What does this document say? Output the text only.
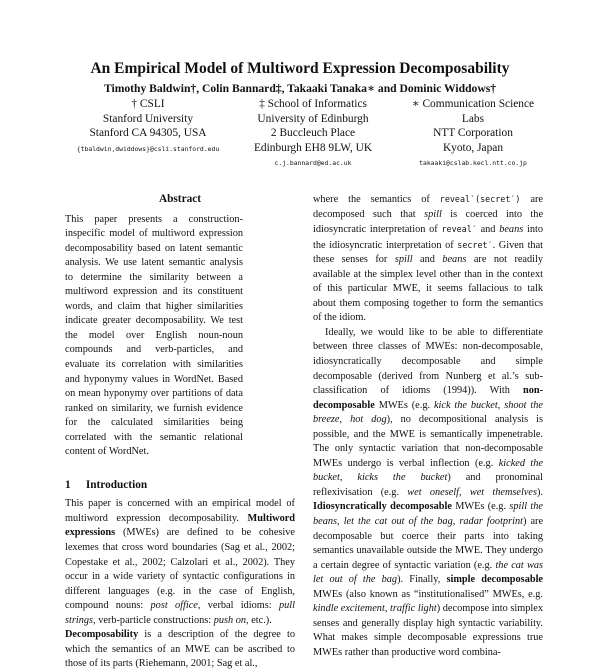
An Empirical Model of Multiword Expression Decomposability
Timothy Baldwin†, Colin Bannard‡, Takaaki Tanaka∗ and Dominic Widdows†
† CSLI
Stanford University
Stanford CA 94305, USA
{tbaldwin,dwiddows}@csli.stanford.edu
‡ School of Informatics
University of Edinburgh
2 Buccleuch Place
Edinburgh EH8 9LW, UK
c.j.bannard@ed.ac.uk
∗ Communication Science
Labs
NTT Corporation
Kyoto, Japan
takaaki@cslab.kecl.ntt.co.jp
Abstract

This paper presents a construction-inspecific model of multiword expression decomposability based on latent semantic analysis. We use latent semantic analysis to determine the similarity between a multiword expression and its constituent words, and claim that higher similarities indicate greater decomposability. We test the model over English noun-noun compounds and verb-particles, and evaluate its correlation with similarities and hyponymy values in WordNet. Based on mean hyponymy over partitions of data ranked on similarity, we furnish evidence for the calculated similarities being correlated with the semantic relational content of WordNet.

1 Introduction

This paper is concerned with an empirical model of multiword expression decomposability. Multiword expressions (MWEs) are defined to be cohesive lexemes that cross word boundaries (Sag et al., 2002; Copestake et al., 2002; Calzolari et al., 2002). They occur in a wide variety of syntactic configurations in different languages (e.g. in the case of English, compound nouns: post office, verbal idioms: pull strings, verb-particle constructions: push on, etc.).

Decomposability is a description of the degree to which the semantics of an MWE can be ascribed to those of its parts (Riehemann, 2001; Sag et al.,

where the semantics of reveal′(secret′) are decomposed such that spill is coerced into the idiosyncratic interpretation of reveal′ and beans into the idiosyncratic interpretation of secret′. Given that these senses for spill and beans are not readily available at the simplex level other than in the context of this particular MWE, it seems fallacious to talk about them composing together to form the semantics of the idiom.

Ideally, we would like to be able to differentiate between three classes of MWEs: non-decomposable, idiosyncratically decomposable and simple decomposable (derived from Nunberg et al.’s sub-classification of idioms (1994)). With non-decomposable MWEs (e.g. kick the bucket, shoot the breeze, hot dog), no decompositional analysis is possible, and the MWE is semantically impenetrable. The only syntactic variation that non-decomposable MWEs undergo is verbal inflection (e.g. kicked the bucket, kicks the bucket) and pronominal reflexivisation (e.g. wet oneself, wet themselves). Idiosyncratically decomposable MWEs (e.g. spill the beans, let the cat out of the bag, radar footprint) are decomposable but coerce their parts into taking semantics unavailable outside the MWE. They undergo a certain degree of syntactic variation (e.g. the cat was let out of the bag). Finally, simple decomposable MWEs (also known as “institutionalised” MWEs, e.g. kindle excitement, traffic light) decompose into simplex senses and generally display high syntactic variability. What makes simple decomposable expressions true MWEs rather than productive word combina-
